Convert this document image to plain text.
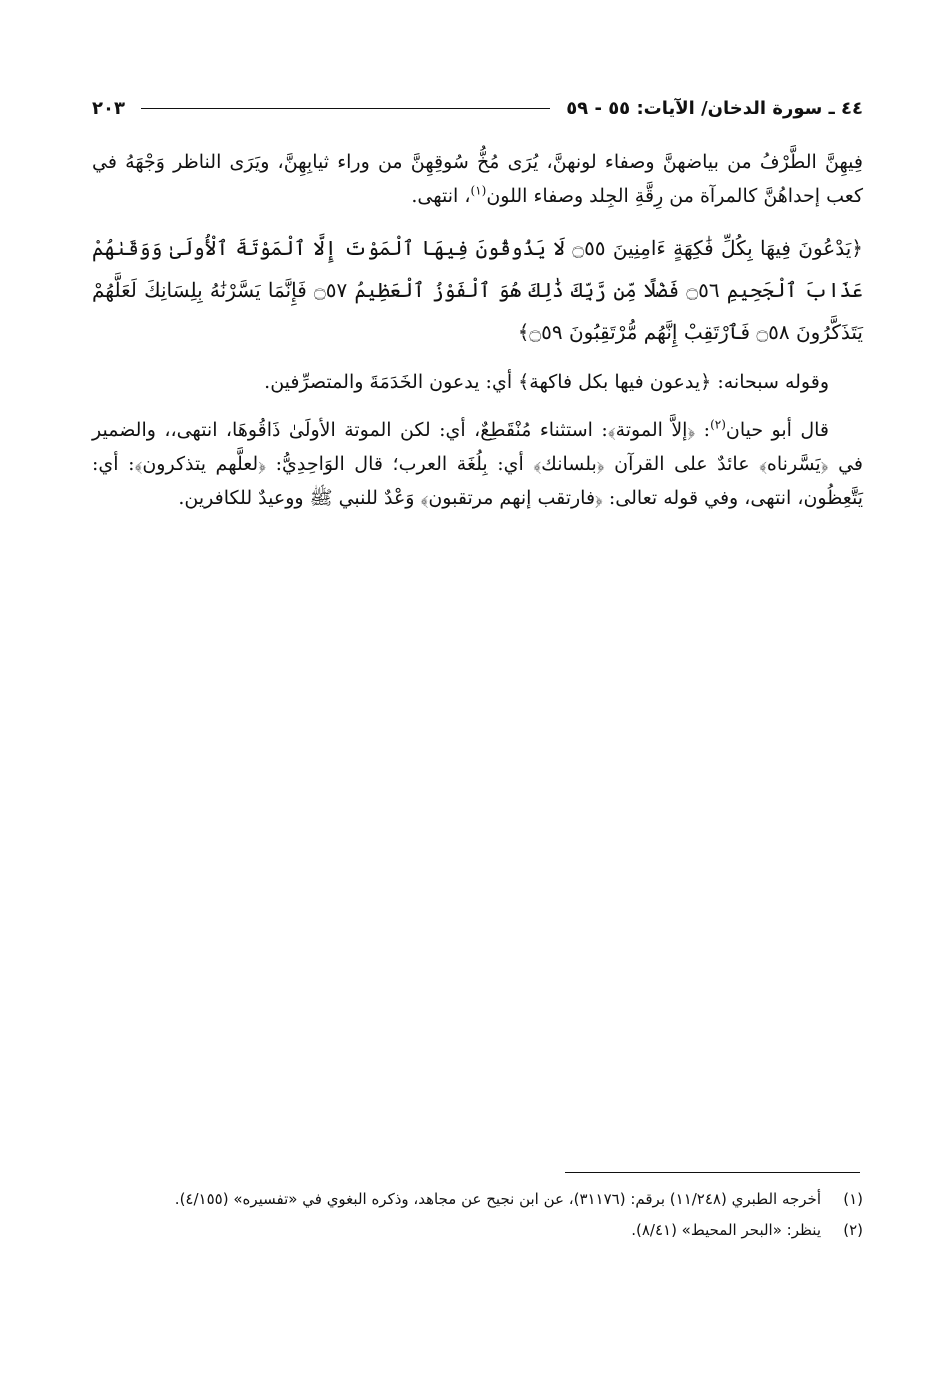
٤٤ ـ سورة الدخان/ الآيات: ٥٥ - ٥٩
٢٠٣

فِيهِنَّ الطَّرْفُ من بياضهنَّ وصفاء لونهنَّ، يُرَى مُخُّ سُوقِهِنَّ من وراء ثيابِهِنَّ، ويَرَى الناظر وَجْهَهُ في كعب إحداهُنَّ كالمرآة من رِقَّةِ الجِلد وصفاء اللون$^{(١)}$، انتهى.

﴿يَدْعُونَ فِيهَا بِكُلِّ فَٰكِهَةٍ ءَامِنِينَ ۝٥٥ لَا يَذُوقُونَ فِيهَا ٱلْمَوْتَ إِلَّا ٱلْمَوْتَةَ ٱلْأُولَىٰ وَوَقَىٰهُمْ عَذَابَ ٱلْجَحِيمِ ۝٥٦ فَضْلًا مِّن رَّبِّكَ ذَٰلِكَ هُوَ ٱلْفَوْزُ ٱلْعَظِيمُ ۝٥٧ فَإِنَّمَا يَسَّرْنَٰهُ بِلِسَانِكَ لَعَلَّهُمْ يَتَذَكَّرُونَ ۝٥٨ فَٱرْتَقِبْ إِنَّهُم مُّرْتَقِبُونَ ۝٥٩﴾

وقوله سبحانه: ﴿يدعون فيها بكل فاكهة﴾ أي: يدعون الخَدَمَةَ والمتصرِّفين.

قال أبو حيان$^{(٢)}$: ﴿إلاَّ الموتة﴾: استثناء مُنْقَطِعٌ، أي: لكن الموتة الأولَىٰ ذَاقُوهَا، انتهى،، والضمير في ﴿يَسَّرناه﴾ عائدٌ على القرآن ﴿بلسانك﴾ أي: بِلُغَة العرب؛ قال الوَاحِدِيُّ: ﴿لعلَّهم يتذكرون﴾: أي: يَتَّعِظُون، انتهى، وفي قوله تعالى: ﴿فارتقب إنهم مرتقبون﴾ وَعْدٌ للنبي ﷺ ووعيدٌ للكافرين.

(١)
أخرجه الطبري (١١/٢٤٨) برقم: (٣١١٧٦)، عن ابن نجيح عن مجاهد، وذكره البغوي في «تفسيره» (٤/١٥٥).
(٢)
ينظر: «البحر المحيط» (٨/٤١).
